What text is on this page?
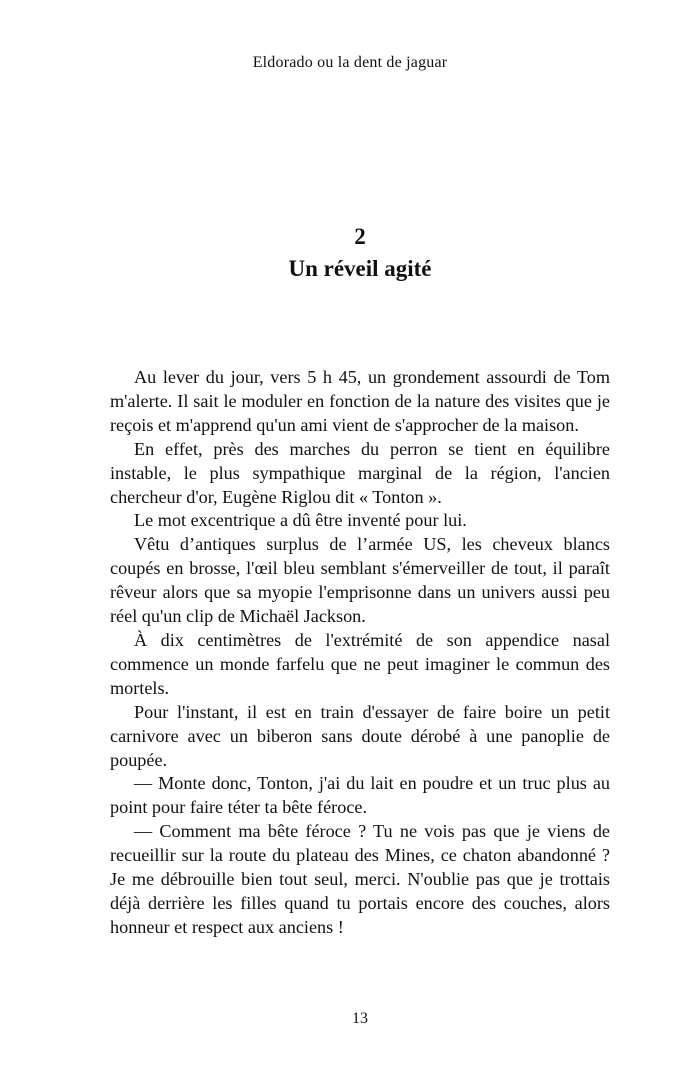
Eldorado ou la dent de jaguar
2
Un réveil agité

Au lever du jour, vers 5 h 45, un grondement assourdi de Tom m'alerte. Il sait le moduler en fonction de la nature des visites que je reçois et m'apprend qu'un ami vient de s'approcher de la maison.

En effet, près des marches du perron se tient en équilibre instable, le plus sympathique marginal de la région, l'ancien chercheur d'or, Eugène Riglou dit « Tonton ».

Le mot excentrique a dû être inventé pour lui.

Vêtu d’antiques surplus de l’armée US, les cheveux blancs coupés en brosse, l'œil bleu semblant s'émerveiller de tout, il paraît rêveur alors que sa myopie l'emprisonne dans un univers aussi peu réel qu'un clip de Michaël Jackson.

À dix centimètres de l'extrémité de son appendice nasal commence un monde farfelu que ne peut imaginer le commun des mortels.

Pour l'instant, il est en train d'essayer de faire boire un petit carnivore avec un biberon sans doute dérobé à une panoplie de poupée.

— Monte donc, Tonton, j'ai du lait en poudre et un truc plus au point pour faire téter ta bête féroce.

— Comment ma bête féroce ? Tu ne vois pas que je viens de recueillir sur la route du plateau des Mines, ce chaton abandonné ? Je me débrouille bien tout seul, merci. N'oublie pas que je trottais déjà derrière les filles quand tu portais encore des couches, alors honneur et respect aux anciens !

13
